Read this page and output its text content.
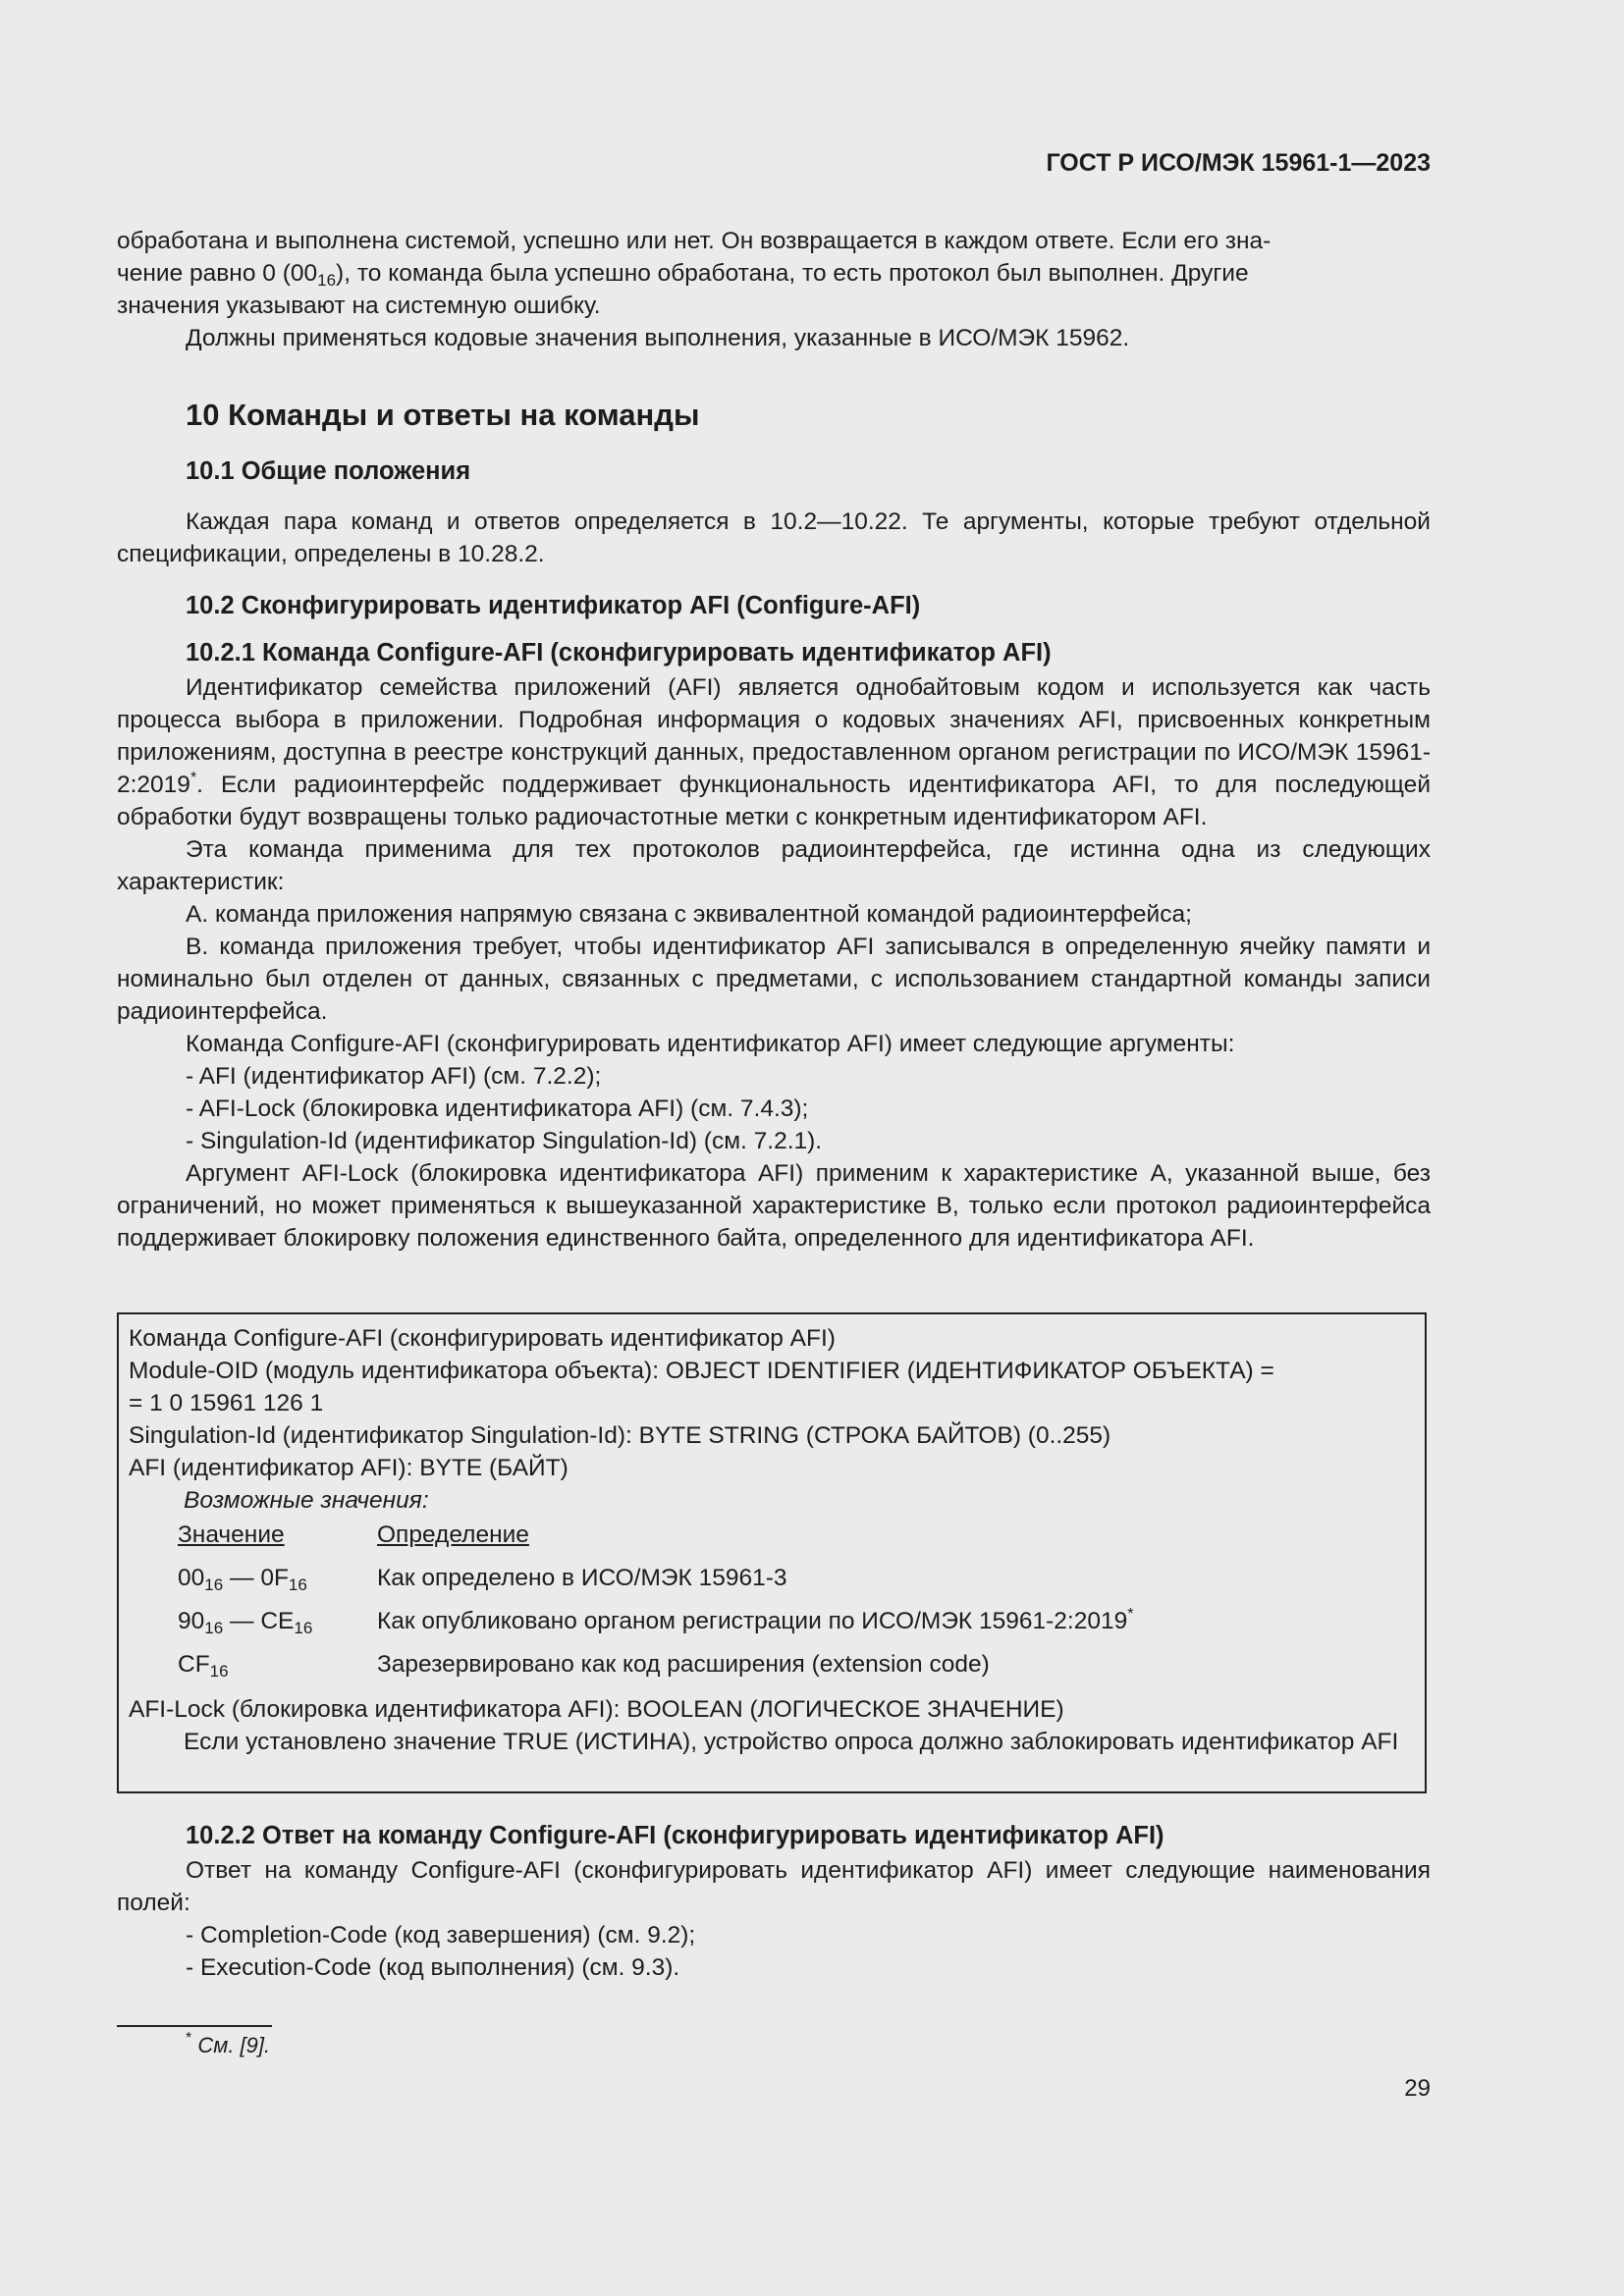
ГОСТ Р ИСО/МЭК 15961-1—2023

обработана и выполнена системой, успешно или нет. Он возвращается в каждом ответе. Если его зна-

чение равно 0 $(00_{16})$, то команда была успешно обработана, то есть протокол был выполнен. Другие

значения указывают на системную ошибку.

Должны применяться кодовые значения выполнения, указанные в ИСО/МЭК 15962.

10 Команды и ответы на команды
10.1 Общие положения

Каждая пара команд и ответов определяется в 10.2—10.22. Те аргументы, которые требуют отдельной спецификации, определены в 10.28.2.

10.2 Сконфигурировать идентификатор AFI (Configure-AFI)
10.2.1 Команда Configure-AFI (сконфигурировать идентификатор AFI)

Идентификатор семейства приложений (AFI) является однобайтовым кодом и используется как часть процесса выбора в приложении. Подробная информация о кодовых значениях AFI, присвоенных конкретным приложениям, доступна в реестре конструкций данных, предоставленном органом регистрации по ИСО/МЭК 15961-2:2019*. Если радиоинтерфейс поддерживает функциональность идентификатора AFI, то для последующей обработки будут возвращены только радиочастотные метки с конкретным идентификатором AFI.

Эта команда применима для тех протоколов радиоинтерфейса, где истинна одна из следующих характеристик:

А. команда приложения напрямую связана с эквивалентной командой радиоинтерфейса;

В. команда приложения требует, чтобы идентификатор AFI записывался в определенную ячейку памяти и номинально был отделен от данных, связанных с предметами, с использованием стандартной команды записи радиоинтерфейса.

Команда Configure-AFI (сконфигурировать идентификатор AFI) имеет следующие аргументы:

- AFI (идентификатор AFI) (см. 7.2.2);

- AFI-Lock (блокировка идентификатора AFI) (см. 7.4.3);

- Singulation-Id (идентификатор Singulation-Id) (см. 7.2.1).

Аргумент AFI-Lock (блокировка идентификатора AFI) применим к характеристике А, указанной выше, без ограничений, но может применяться к вышеуказанной характеристике В, только если протокол радиоинтерфейса поддерживает блокировку положения единственного байта, определенного для идентификатора AFI.

Команда Configure-AFI (сконфигурировать идентификатор AFI)

Module-OID (модуль идентификатора объекта): OBJECT IDENTIFIER (ИДЕНТИФИКАТОР ОБЪЕКТА) =

= 1 0 15961 126 1

Singulation-Id (идентификатор Singulation-Id): BYTE STRING (СТРОКА БАЙТОВ) (0..255)

AFI (идентификатор AFI): BYTE (БАЙТ)

Возможные значения:

Значение	Определение
$00_{16}$ — $0F_{16}$	Как определено в ИСО/МЭК 15961-3
$90_{16}$ — $CE_{16}$	Как опубликовано органом регистрации по ИСО/МЭК 15961-2:2019*
$CF_{16}$	Зарезервировано как код расширения (extension code)

AFI-Lock (блокировка идентификатора AFI): BOOLEAN (ЛОГИЧЕСКОЕ ЗНАЧЕНИЕ)

Если установлено значение TRUE (ИСТИНА), устройство опроса должно заблокировать идентификатор AFI

10.2.2 Ответ на команду Configure-AFI (сконфигурировать идентификатор AFI)

Ответ на команду Configure-AFI (сконфигурировать идентификатор AFI) имеет следующие наименования полей:

- Completion-Code (код завершения) (см. 9.2);

- Execution-Code (код выполнения) (см. 9.3).

* См. [9].
29
